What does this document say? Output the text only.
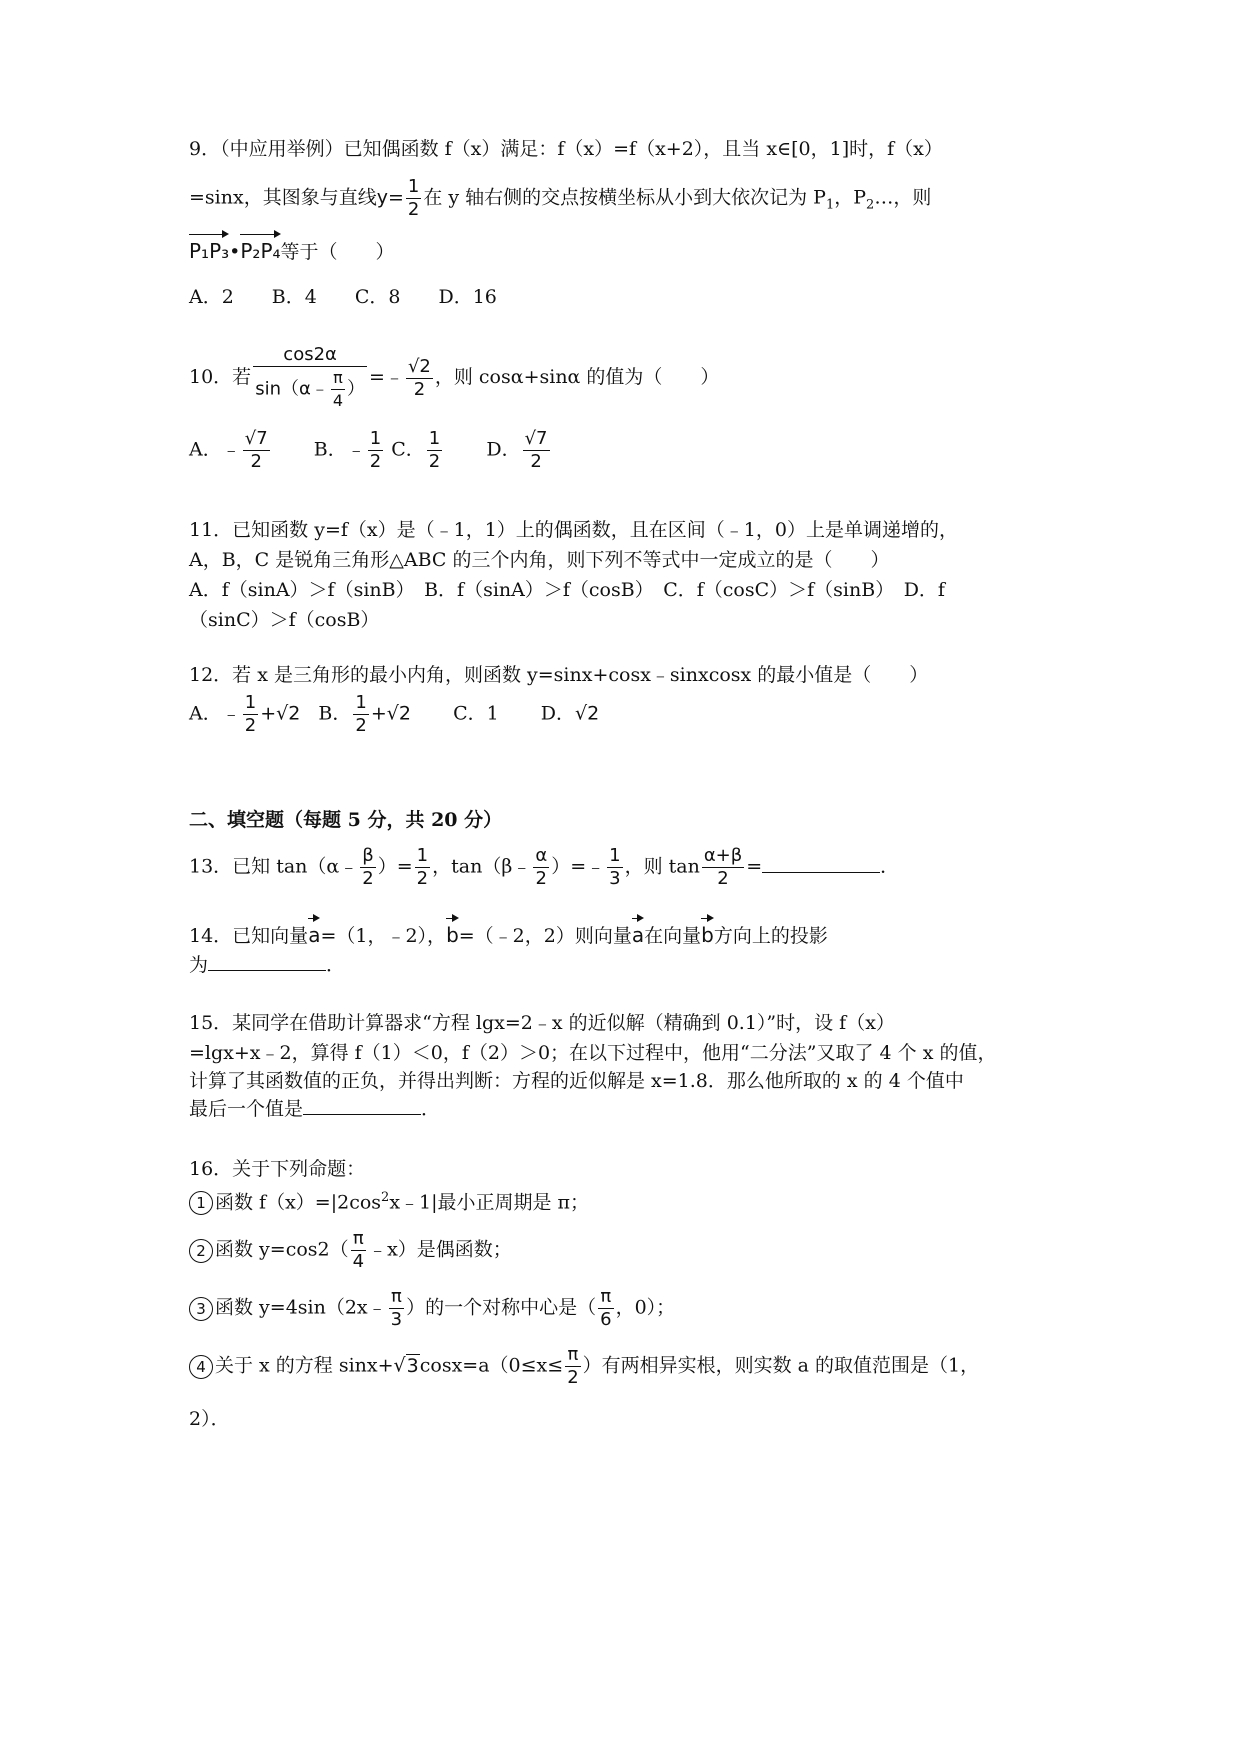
9．（中应用举例）已知偶函数 f（x）满足：f（x）=f（x+2），且当 x∈[0，1]时，f（x）
=sinx，其图象与直线$y= \frac{1}{2}$ 在 y 轴右侧的交点按横坐标从小到大依次记为 $P_1$，$P_2\dots$，则
P₁P₃•P₂P₄等于（　　）
A．2　　B．4　　C．8　　D．16
10．若 $\frac{\cos 2\alpha}{\sin(\alpha﹣ \frac{\pi}{4} )}$ =﹣ $\frac{√2}{2}$ ，则 cosα+sinα 的值为（　　）
A．﹣ $\frac{√7}{2}$ B．﹣ $\frac{1}{2}$ C． $\frac{1}{2}$ D． $\frac{√7}{2}$
11．已知函数 y=f（x）是（﹣1，1）上的偶函数，且在区间（﹣1，0）上是单调递增的，
A，B，C 是锐角三角形△ABC 的三个内角，则下列不等式中一定成立的是（　　）
A．f（sinA）＞f（sinB）　B．f（sinA）＞f（cosB）　C．f（cosC）＞f（sinB）　D．f
（sinC）＞f（cosB）
12．若 x 是三角形的最小内角，则函数 y=sinx+cosx﹣sinxcosx 的最小值是（　　）
A．﹣ $\frac{1}{2} +√2$ B． $\frac{1}{2} +√2$ C．1 D．√2
二、填空题（每题 5 分，共 20 分）
13．已知 tan（α﹣ $\frac{\beta}{2}$ ）= $\frac{1}{2}$ ，tan（β﹣ $\frac{\alpha}{2}$ ）=﹣ $\frac{1}{3}$ ，则 $\tan \frac{\alpha+\beta}{2}$ =	．
14．已知向量a=（1，﹣2），b=（﹣2，2）则向量a在向量b方向上的投影
为	．
15．某同学在借助计算器求“方程 lgx=2﹣x 的近似解（精确到 0.1）”时，设 f（x）
=lgx+x﹣2，算得 f（1）＜0，f（2）＞0；在以下过程中，他用“二分法”又取了 4 个 x 的值，
计算了其函数值的正负，并得出判断：方程的近似解是 x=1.8．那么他所取的 x 的 4 个值中
最后一个值是	．
16．关于下列命题：
1 函数 $f(x)=|2\cos^2x﹣1|$最小正周期是 π；
2 函数 $y=\cos 2( \frac{\pi}{4}$ ﹣x）是偶函数；
3 函数 y=4sin（2x﹣ $\frac{\pi}{3}$ ）的一个对称中心是（ $\frac{\pi}{6}$ ，0）；
4 关于 x 的方程 $\sin x+√3\cos x=a(0\le x\le \frac{\pi}{2}$ ）有两相异实根，则实数 a 的取值范围是（1，
2）．
